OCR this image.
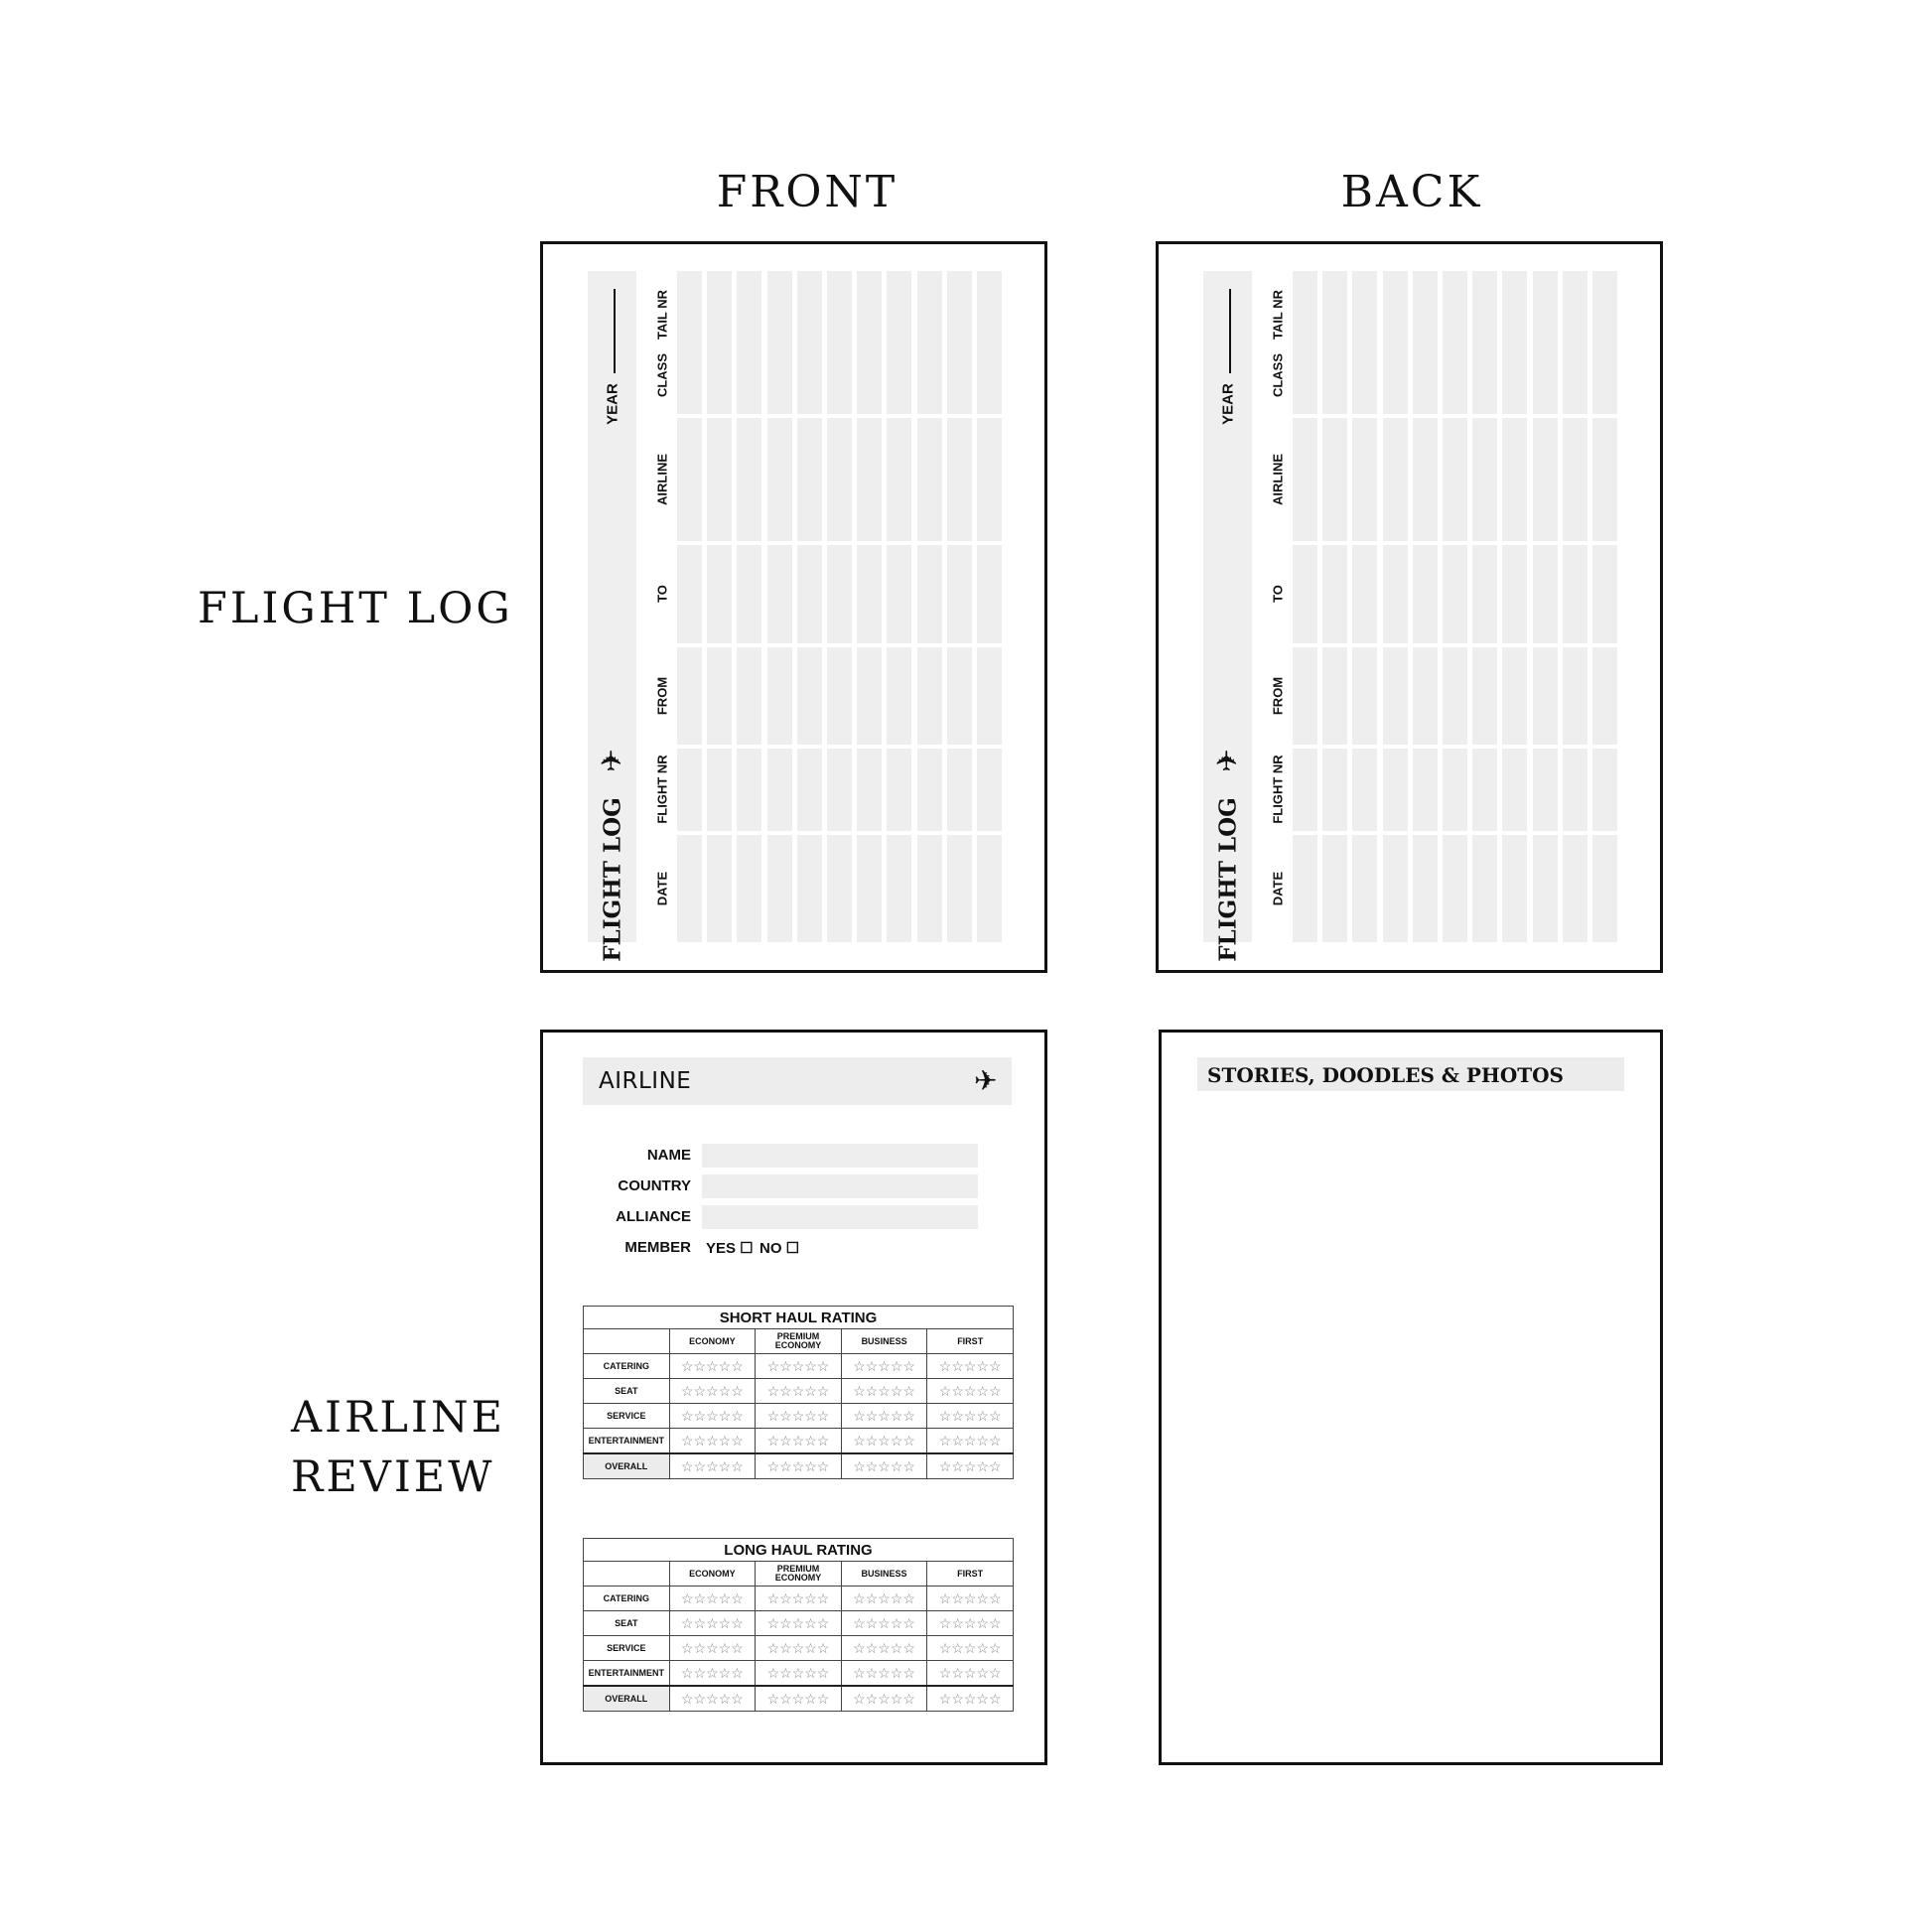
FRONT	BACK
FLIGHT LOG
AIRLINE
REVIEW
FLIGHT LOG
✈
YEAR
TAIL NR
CLASS
AIRLINE
TO
FROM
FLIGHT NR
DATE	FLIGHT LOG
✈
YEAR
TAIL NR
CLASS
AIRLINE
TO
FROM
FLIGHT NR
DATE
AIRLINE	✈
NAME
COUNTRY
ALLIANCE
MEMBER YES ☐ NO ☐
SHORT HAUL RATING				
	ECONOMY	PREMIUM ECONOMY	BUSINESS	FIRST
CATERING	☆☆☆☆☆	☆☆☆☆☆	☆☆☆☆☆	☆☆☆☆☆
SEAT	☆☆☆☆☆	☆☆☆☆☆	☆☆☆☆☆	☆☆☆☆☆
SERVICE	☆☆☆☆☆	☆☆☆☆☆	☆☆☆☆☆	☆☆☆☆☆
ENTERTAINMENT	☆☆☆☆☆	☆☆☆☆☆	☆☆☆☆☆	☆☆☆☆☆
OVERALL	☆☆☆☆☆	☆☆☆☆☆	☆☆☆☆☆	☆☆☆☆☆
LONG HAUL RATING				
	ECONOMY	PREMIUM ECONOMY	BUSINESS	FIRST
CATERING	☆☆☆☆☆	☆☆☆☆☆	☆☆☆☆☆	☆☆☆☆☆
SEAT	☆☆☆☆☆	☆☆☆☆☆	☆☆☆☆☆	☆☆☆☆☆
SERVICE	☆☆☆☆☆	☆☆☆☆☆	☆☆☆☆☆	☆☆☆☆☆
ENTERTAINMENT	☆☆☆☆☆	☆☆☆☆☆	☆☆☆☆☆	☆☆☆☆☆
OVERALL	☆☆☆☆☆	☆☆☆☆☆	☆☆☆☆☆	☆☆☆☆☆
STORIES, DOODLES & PHOTOS
